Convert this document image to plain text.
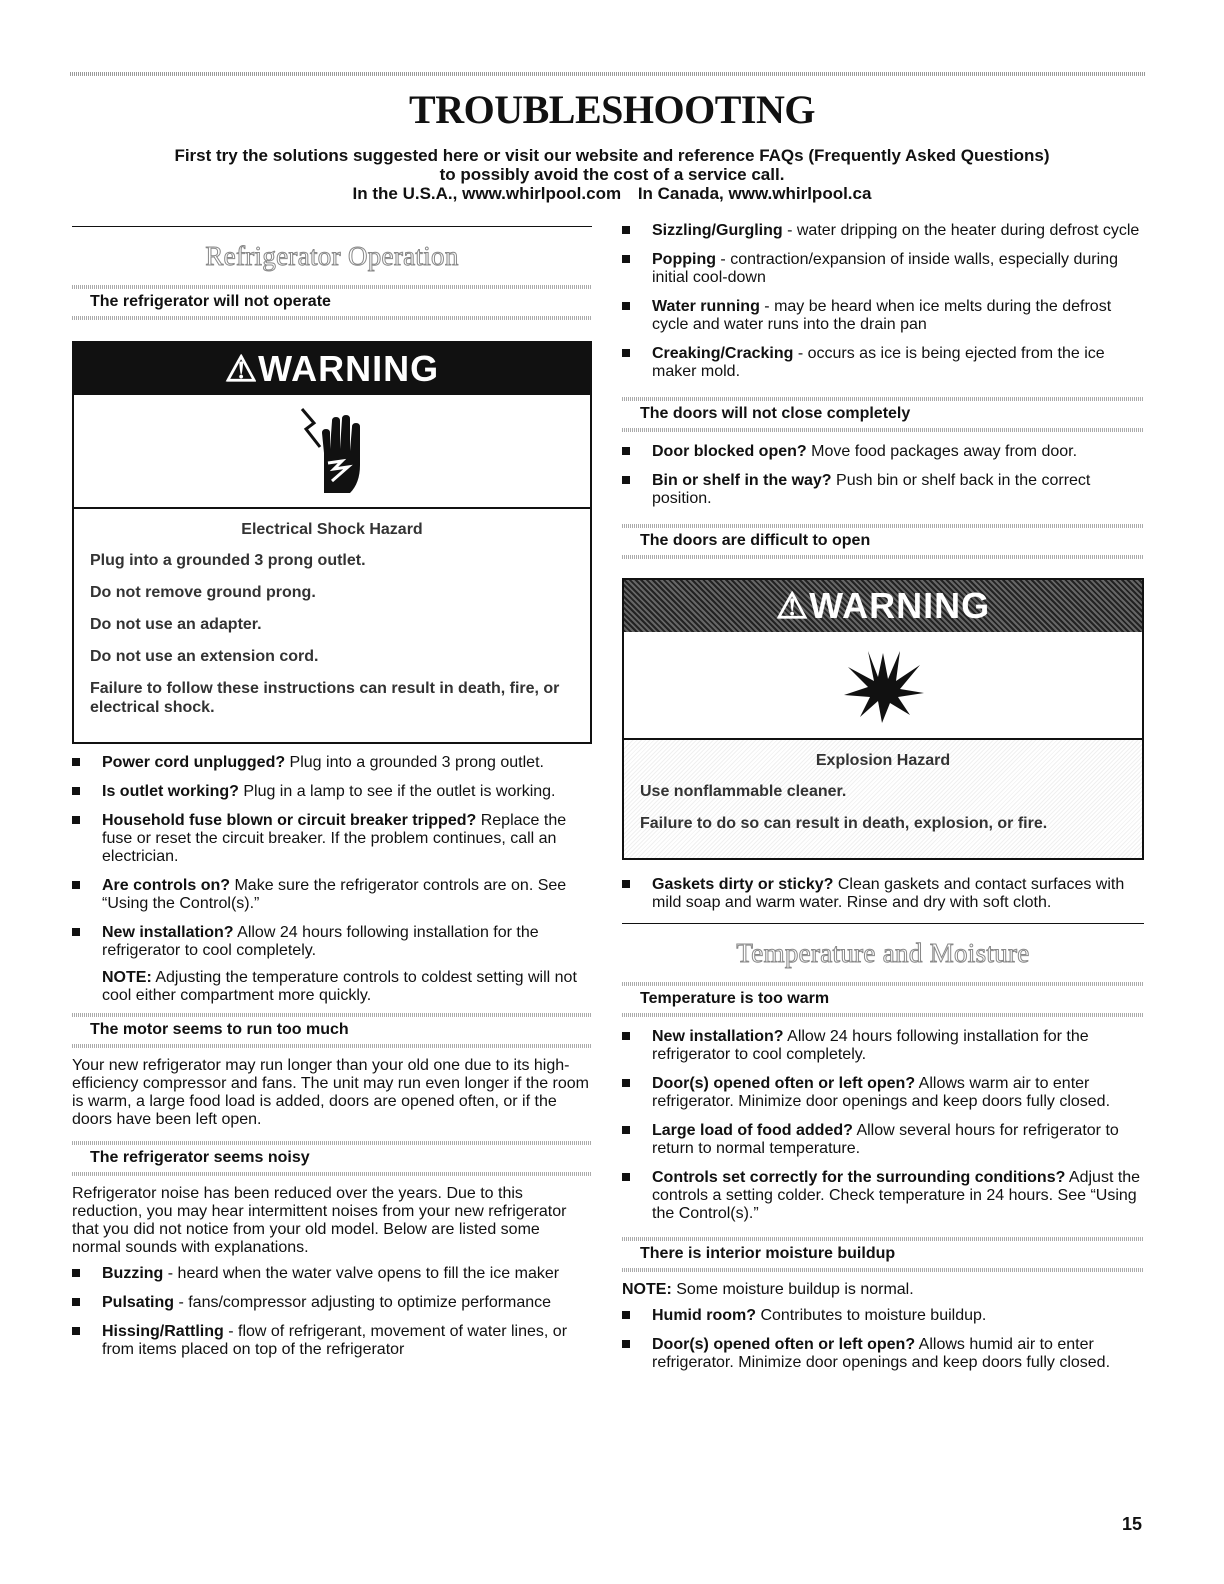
TROUBLESHOOTING
First try the solutions suggested here or visit our website and reference FAQs (Frequently Asked Questions)
to possibly avoid the cost of a service call.
In the U.S.A., www.whirlpool.com In Canada, www.whirlpool.ca
Refrigerator Operation
The refrigerator will not operate
⚠WARNING
Electrical Shock Hazard

Plug into a grounded 3 prong outlet.

Do not remove ground prong.

Do not use an adapter.

Do not use an extension cord.

Failure to follow these instructions can result in death, fire, or electrical shock.

Power cord unplugged? Plug into a grounded 3 prong outlet.
Is outlet working? Plug in a lamp to see if the outlet is working.
Household fuse blown or circuit breaker tripped? Replace the fuse or reset the circuit breaker. If the problem continues, call an electrician.
Are controls on? Make sure the refrigerator controls are on. See “Using the Control(s).”
New installation? Allow 24 hours following installation for the refrigerator to cool completely.
NOTE: Adjusting the temperature controls to coldest setting will not cool either compartment more quickly.
The motor seems to run too much

Your new refrigerator may run longer than your old one due to its high-efficiency compressor and fans. The unit may run even longer if the room is warm, a large food load is added, doors are opened often, or if the doors have been left open.

The refrigerator seems noisy

Refrigerator noise has been reduced over the years. Due to this reduction, you may hear intermittent noises from your new refrigerator that you did not notice from your old model. Below are listed some normal sounds with explanations.

Buzzing - heard when the water valve opens to fill the ice maker
Pulsating - fans/compressor adjusting to optimize performance
Hissing/Rattling - flow of refrigerant, movement of water lines, or from items placed on top of the refrigerator
Sizzling/Gurgling - water dripping on the heater during defrost cycle
Popping - contraction/expansion of inside walls, especially during initial cool-down
Water running - may be heard when ice melts during the defrost cycle and water runs into the drain pan
Creaking/Cracking - occurs as ice is being ejected from the ice maker mold.
The doors will not close completely
Door blocked open? Move food packages away from door.
Bin or shelf in the way? Push bin or shelf back in the correct position.
The doors are difficult to open
⚠WARNING
Explosion Hazard

Use nonflammable cleaner.

Failure to do so can result in death, explosion, or fire.

Gaskets dirty or sticky? Clean gaskets and contact surfaces with mild soap and warm water. Rinse and dry with soft cloth.
Temperature and Moisture
Temperature is too warm
New installation? Allow 24 hours following installation for the refrigerator to cool completely.
Door(s) opened often or left open? Allows warm air to enter refrigerator. Minimize door openings and keep doors fully closed.
Large load of food added? Allow several hours for refrigerator to return to normal temperature.
Controls set correctly for the surrounding conditions? Adjust the controls a setting colder. Check temperature in 24 hours. See “Using the Control(s).”
There is interior moisture buildup
NOTE: Some moisture buildup is normal.
Humid room? Contributes to moisture buildup.
Door(s) opened often or left open? Allows humid air to enter refrigerator. Minimize door openings and keep doors fully closed.
15
